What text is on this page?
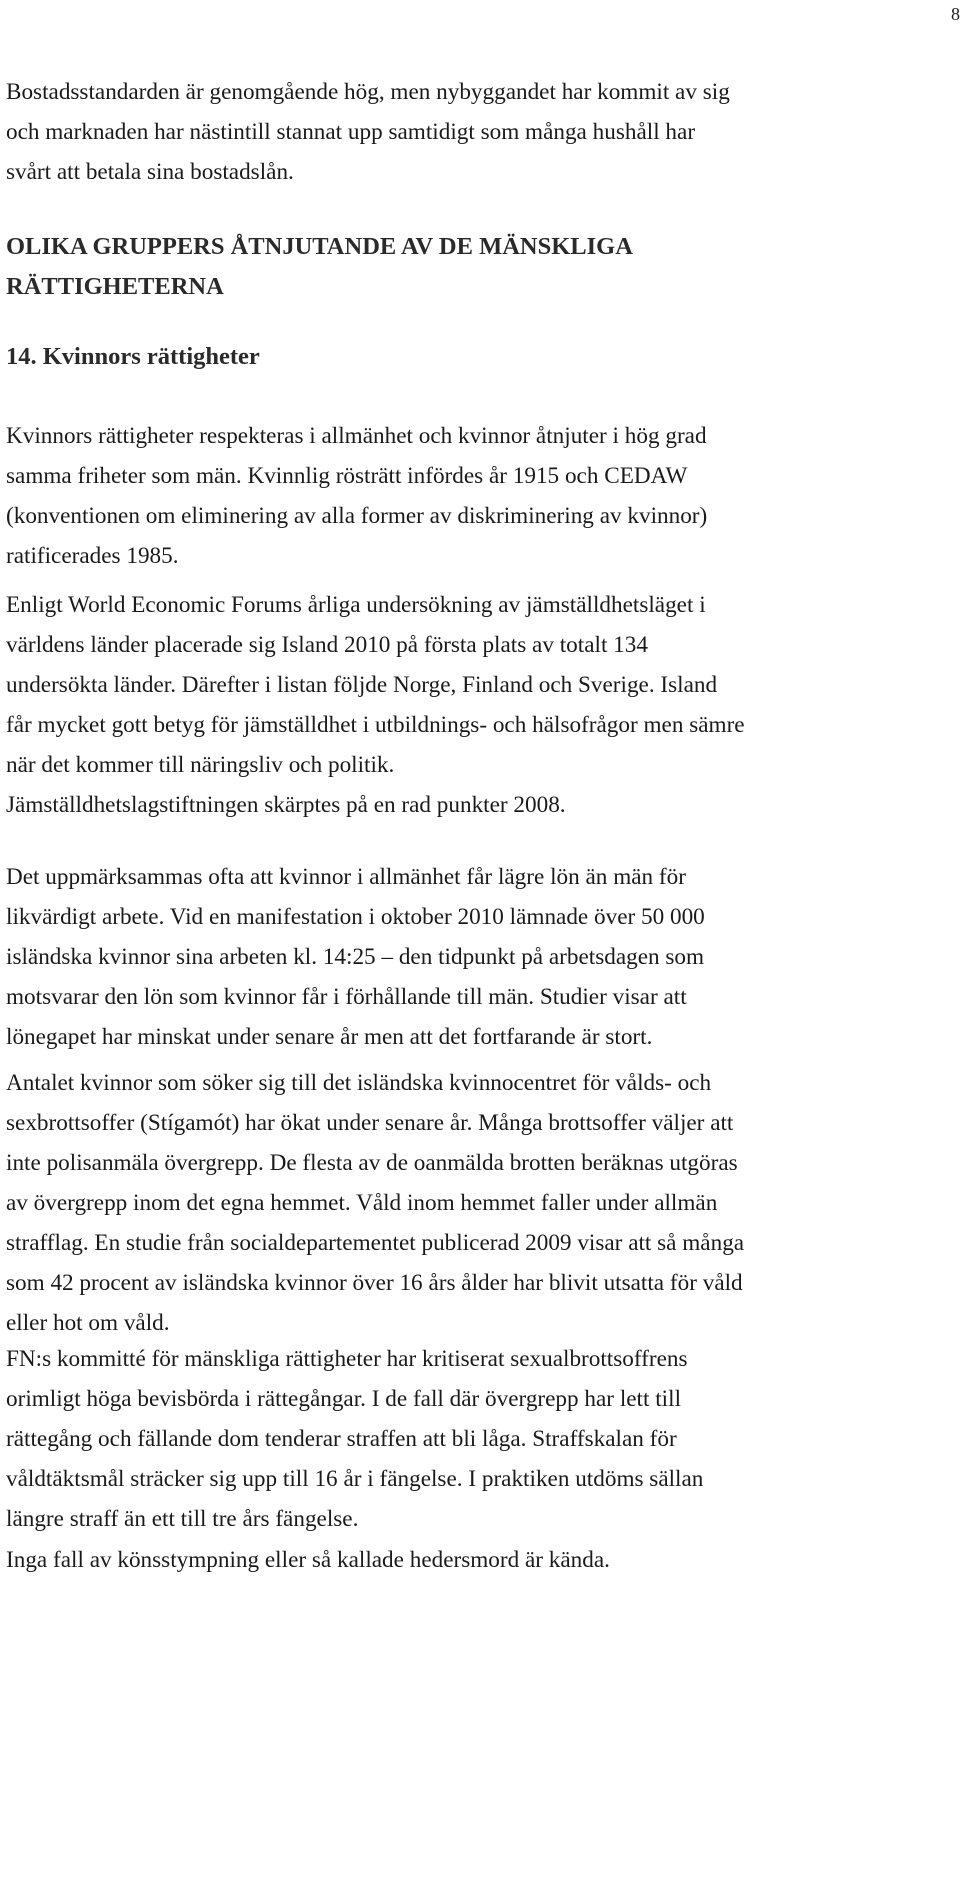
8

Bostadsstandarden är genomgående hög, men nybyggandet har kommit av sig
och marknaden har nästintill stannat upp samtidigt som många hushåll har
svårt att betala sina bostadslån.

OLIKA GRUPPERS ÅTNJUTANDE AV DE MÄNSKLIGA
RÄTTIGHETERNA
14. Kvinnors rättigheter

Kvinnors rättigheter respekteras i allmänhet och kvinnor åtnjuter i hög grad
samma friheter som män. Kvinnlig rösträtt infördes år 1915 och CEDAW
(konventionen om eliminering av alla former av diskriminering av kvinnor)
ratificerades 1985.

Enligt World Economic Forums årliga undersökning av jämställdhetsläget i
världens länder placerade sig Island 2010 på första plats av totalt 134
undersökta länder. Därefter i listan följde Norge, Finland och Sverige. Island
får mycket gott betyg för jämställdhet i utbildnings- och hälsofrågor men sämre
när det kommer till näringsliv och politik.

Jämställdhetslagstiftningen skärptes på en rad punkter 2008.

Det uppmärksammas ofta att kvinnor i allmänhet får lägre lön än män för
likvärdigt arbete. Vid en manifestation i oktober 2010 lämnade över 50 000
isländska kvinnor sina arbeten kl. 14:25 – den tidpunkt på arbetsdagen som
motsvarar den lön som kvinnor får i förhållande till män. Studier visar att
lönegapet har minskat under senare år men att det fortfarande är stort.

Antalet kvinnor som söker sig till det isländska kvinnocentret för vålds- och
sexbrottsoffer (Stígamót) har ökat under senare år. Många brottsoffer väljer att
inte polisanmäla övergrepp. De flesta av de oanmälda brotten beräknas utgöras
av övergrepp inom det egna hemmet. Våld inom hemmet faller under allmän
strafflag. En studie från socialdepartementet publicerad 2009 visar att så många
som 42 procent av isländska kvinnor över 16 års ålder har blivit utsatta för våld
eller hot om våld.

FN:s kommitté för mänskliga rättigheter har kritiserat sexualbrottsoffrens
orimligt höga bevisbörda i rättegångar. I de fall där övergrepp har lett till
rättegång och fällande dom tenderar straffen att bli låga. Straffskalan för
våldtäktsmål sträcker sig upp till 16 år i fängelse. I praktiken utdöms sällan
längre straff än ett till tre års fängelse.

Inga fall av könsstympning eller så kallade hedersmord är kända.
